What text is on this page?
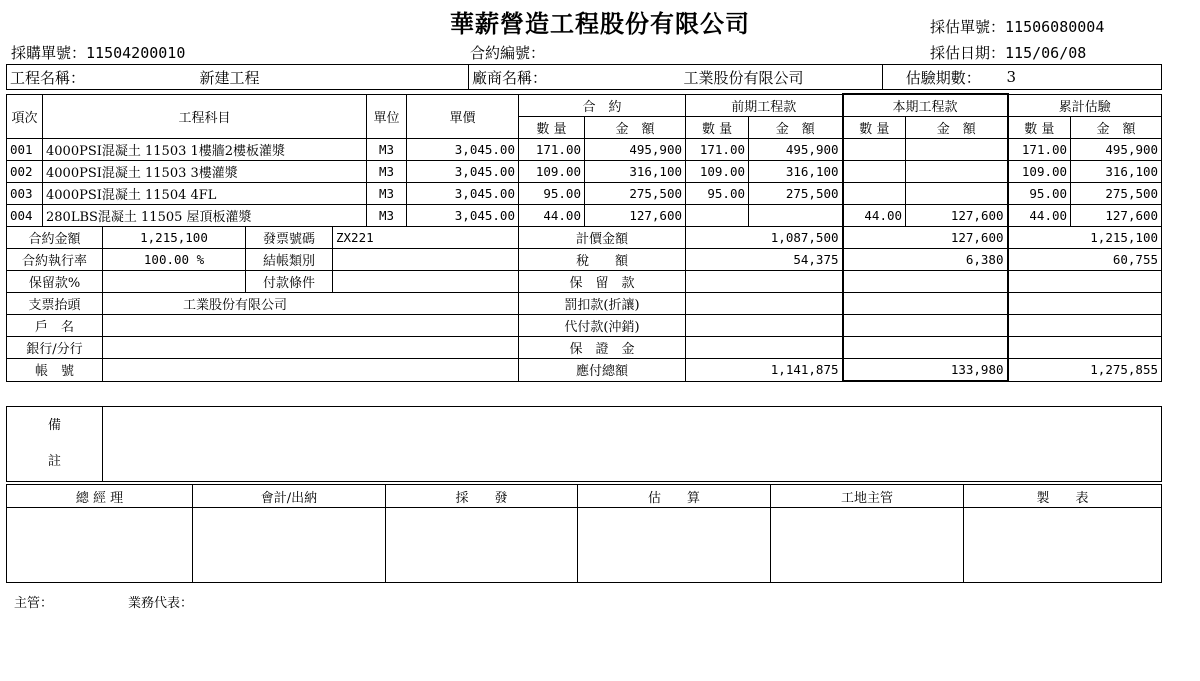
華薪營造工程股份有限公司
採購單號：11504200010	合約編號：
採估單號：11506080004
採估日期：115/06/08
工程名稱：	新建工程	廠商名稱：	工業股份有限公司	估驗期數：	3
項次	工程科目	單位	單價	合　約		前期工程款		本期工程款		累計估驗	
				數 量	金　額	數 量	金　額	數 量	金　額	數 量	金　額
001	4000PSI混凝土 11503 1樓牆2樓板灌漿	M3	3,045.00	171.00	495,900	171.00	495,900			171.00	495,900
002	4000PSI混凝土 11503 3樓灌漿	M3	3,045.00	109.00	316,100	109.00	316,100			109.00	316,100
003	4000PSI混凝土 11504 4FL	M3	3,045.00	95.00	275,500	95.00	275,500			95.00	275,500
004	280LBS混凝土 11505 屋頂板灌漿	M3	3,045.00	44.00	127,600			44.00	127,600	44.00	127,600
合約金額	1,215,100	發票號碼	ZX221	計價金額	1,087,500	127,600	1,215,100
合約執行率	100.00 %	結帳類別		稅　　額	54,375	6,380	60,755
保留款%		付款條件		保　留　款			
支票抬頭	工業股份有限公司			罰扣款(折讓)			
戶　名				代付款(沖銷)			
銀行/分行				保　證　金			
帳　號				應付總額	1,141,875	133,980	1,275,855
備
註

總 經 理	會計/出納	採　　發	估　　算	工地主管	製　　表

主管：	業務代表：
